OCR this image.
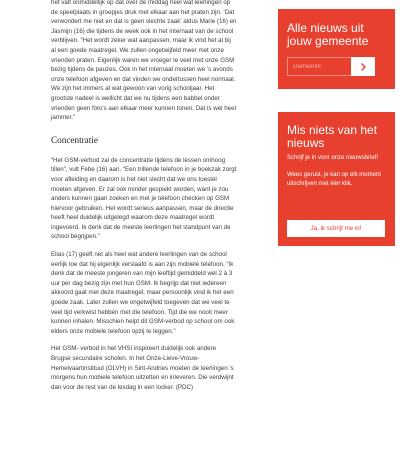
het valt onmiddellijk op dat over de middag heel wat leerlingen op de speelplaats in groepjes druk met elkaar aan het praten zijn. ‘Dat verwondert me niet en dat is geen slechte zaak’ aldus Marie (16) en Jasmijn (16) die tijdens de week ook in het internaat van de school verblijven. “Het wordt zeker wat aanpassen, maar ik vind het al bij al een goede maatregel. We zullen ongetwijfeld meer met onze vrienden praten. Eigenlijk waren we vroeger te veel met onze GSM bezig tijdens de pauzes. Ook in het internaat moeten we ’s avonds onze telefoon afgeven en dat vinden we ondertussen heel normaal. We zijn het immers al wat gewoon van vorig schooljaar. Het grootste nadeel is wellicht dat we nu tijdens een babbel onder vrienden geen foto’s aan elkaar meer kunnen tonen. Dat is wel heel jammer.”

Concentratie

“Het GSM-verbod zal de concentratie tijdens de lessen omhoog tillen”, vult Febe (16) aan. “Een trillende telefoon in je boekzak zorgt voor afleiding en daarom is het niet slecht dat we ons toestel moeten afgeven. Er zal ook minder gespiekt worden, want je zou anders kunnen gaan zoeken en met je telefoon checken op GSM hiervoor gebruiken. Het wordt serieus aanpassen, maar de directie heeft heel duidelijk uitgelegd waarom deze maatregel wordt ingevoerd. Ik denk dat de meeste leerlingen het standpunt van de school begrijpen.”

Elias (17) geeft net als heel wat andere leerlingen van de school eerlijk toe dat hij eigenlijk verslaafd is aan zijn mobiele telefoon. “Ik denk dat de meeste jongeren van mijn leeftijd gemiddeld wel 2 à 3 uur per dag bezig zijn met hun GSM. Ik begrijp dat niet iedereen akkoord gaat met deze maatregel, maar persoonlijk vind ik het een goede zaak. Later zullen we ongetwijfeld toegeven dat we veel te veel tijd verkwist hebben met die telefoon. Tijd die we nooit meer kunnen inhalen. Misschien helpt dit GSM-verbod op school om ook elders onze mobiele telefoon opzij te leggen.”

Het GSM- verbod in het VHSI inspireert duidelijk ook andere Brugse secundaire scholen. In het Onze-Lieve-Vrouw-Hemelvaartinstituut (OLVH) in Sint-Andries moeten de leerlingen ’s morgens hun mobiele telefoon uitzetten en inleveren. Die verdwijnt dan voor de rest van de lesdag in een locker. (PDC)

Alle nieuws uit jouw gemeente
Gemeente
Mis niets van het nieuws
Schrijf je in voor onze nieuwsbrief!
Wees gerust, je kan op elk moment uitschrijven met één klik.
Ja, ik schrijf me in!
